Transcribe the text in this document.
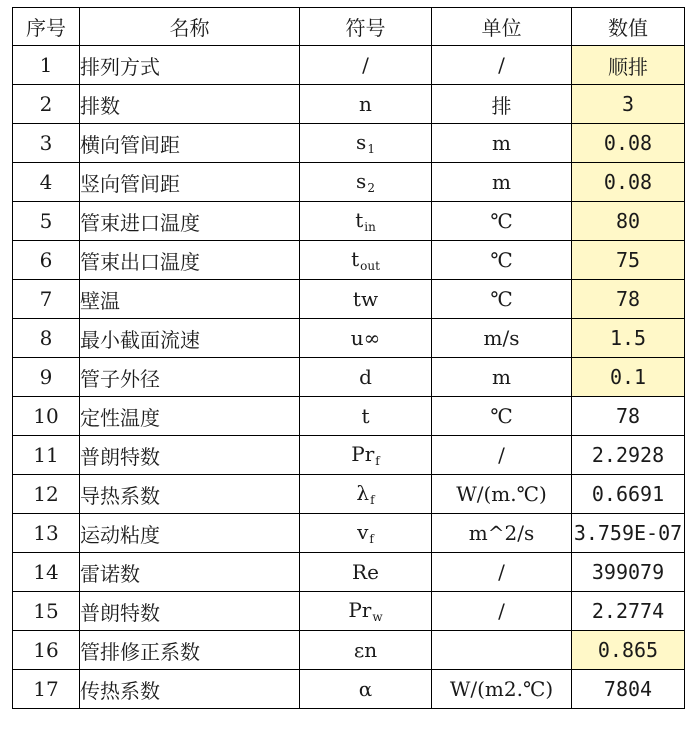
序号	名称	符号	单位	数值
1	排列方式	/	/	顺排
2	排数	n	排	3
3	横向管间距	$s_1$	m	0.08
4	竖向管间距	$s_2$	m	0.08
5	管束进口温度	$t_{in}$	℃	80
6	管束出口温度	$t_{out}$	℃	75
7	壁温	tw	℃	78
8	最小截面流速	u∞	m/s	1.5
9	管子外径	d	m	0.1
10	定性温度	t	℃	78
11	普朗特数	$Pr_f$	/	2.2928
12	导热系数	$\lambda_f$	W/(m.℃)	0.6691
13	运动粘度	$v_f$	m^2/s	3.759E-07
14	雷诺数	Re	/	399079
15	普朗特数	$Pr_w$	/	2.2774
16	管排修正系数	εn		0.865
17	传热系数	α	W/(m2.℃)	7804
